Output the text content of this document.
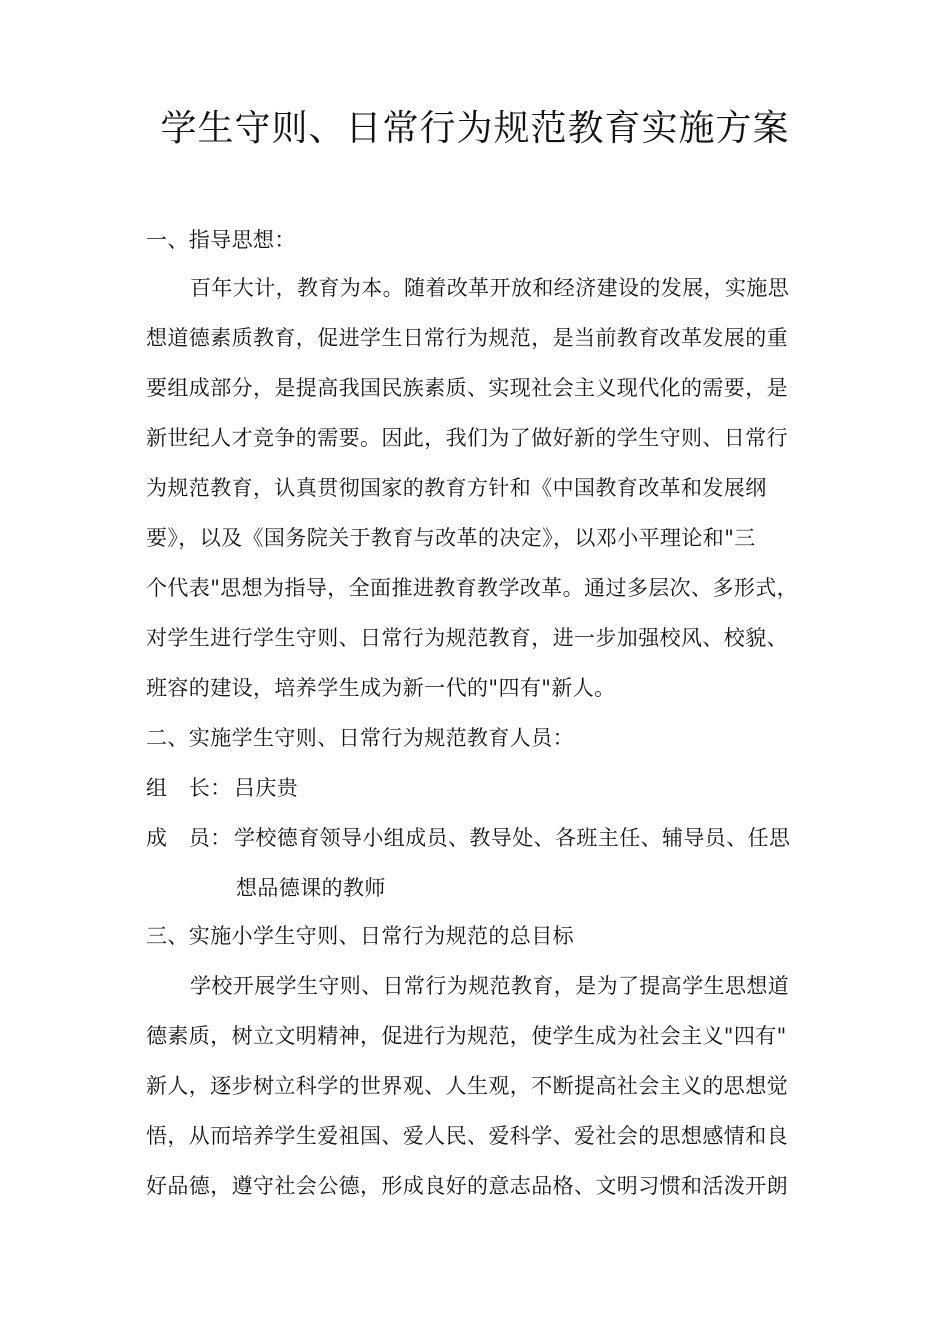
学生守则、日常行为规范教育实施方案
一、指导思想：
百年大计，教育为本。随着改革开放和经济建设的发展，实施思
想道德素质教育，促进学生日常行为规范，是当前教育改革发展的重
要组成部分，是提高我国民族素质、实现社会主义现代化的需要，是
新世纪人才竞争的需要。因此，我们为了做好新的学生守则、日常行
为规范教育，认真贯彻国家的教育方针和《中国教育改革和发展纲
要》，以及《国务院关于教育与改革的决定》，以邓小平理论和"三
个代表"思想为指导，全面推进教育教学改革。通过多层次、多形式，
对学生进行学生守则、日常行为规范教育，进一步加强校风、校貌、
班容的建设，培养学生成为新一代的"四有"新人。
二、实施学生守则、日常行为规范教育人员：
组　长： 吕庆贵
成　员： 学校德育领导小组成员、教导处、各班主任、辅导员、任思
想品德课的教师
三、实施小学生守则、日常行为规范的总目标
学校开展学生守则、日常行为规范教育，是为了提高学生思想道
德素质，树立文明精神，促进行为规范，使学生成为社会主义"四有"
新人，逐步树立科学的世界观、人生观，不断提高社会主义的思想觉
悟，从而培养学生爱祖国、爱人民、爱科学、爱社会的思想感情和良
好品德，遵守社会公德，形成良好的意志品格、文明习惯和活泼开朗
